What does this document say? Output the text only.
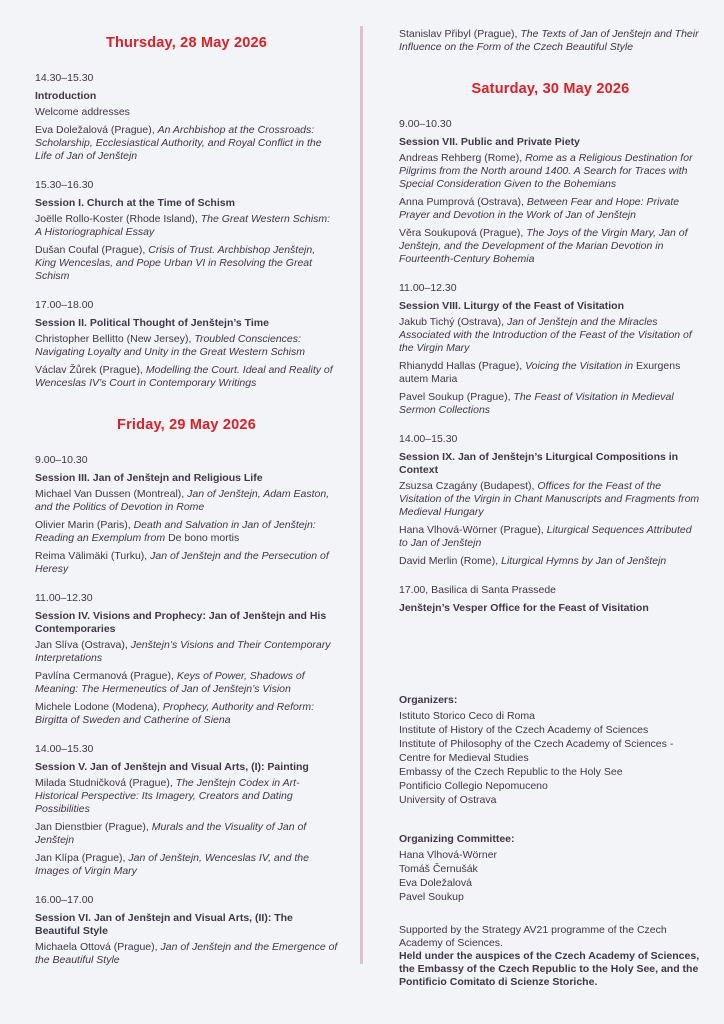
Thursday, 28 May 2026
14.30–15.30
Introduction
Welcome addresses
Eva Doležalová (Prague), An Archbishop at the Crossroads: Scholarship, Ecclesiastical Authority, and Royal Conflict in the Life of Jan of Jenštejn
15.30–16.30
Session I. Church at the Time of Schism
Joëlle Rollo-Koster (Rhode Island), The Great Western Schism: A Historiographical Essay
Dušan Coufal (Prague), Crisis of Trust. Archbishop Jenštejn, King Wenceslas, and Pope Urban VI in Resolving the Great Schism
17.00–18.00
Session II. Political Thought of Jenštejn’s Time
Christopher Bellitto (New Jersey), Troubled Consciences: Navigating Loyalty and Unity in the Great Western Schism
Václav Žůrek (Prague), Modelling the Court. Ideal and Reality of Wenceslas IV’s Court in Contemporary Writings
Friday, 29 May 2026
9.00–10.30
Session III. Jan of Jenštejn and Religious Life
Michael Van Dussen (Montreal), Jan of Jenštejn, Adam Easton, and the Politics of Devotion in Rome
Olivier Marin (Paris), Death and Salvation in Jan of Jenštejn: Reading an Exemplum from De bono mortis
Reima Välimäki (Turku), Jan of Jenštejn and the Persecution of Heresy
11.00–12.30
Session IV. Visions and Prophecy: Jan of Jenštejn and His Contemporaries
Jan Slíva (Ostrava), Jenštejn’s Visions and Their Contemporary Interpretations
Pavlína Cermanová (Prague), Keys of Power, Shadows of Meaning: The Hermeneutics of Jan of Jenštejn’s Vision
Michele Lodone (Modena), Prophecy, Authority and Reform: Birgitta of Sweden and Catherine of Siena
14.00–15.30
Session V. Jan of Jenštejn and Visual Arts, (I): Painting
Milada Studničková (Prague), The Jenštejn Codex in Art-Historical Perspective: Its Imagery, Creators and Dating Possibilities
Jan Dienstbier (Prague), Murals and the Visuality of Jan of Jenštejn
Jan Klípa (Prague), Jan of Jenštejn, Wenceslas IV, and the Images of Virgin Mary
16.00–17.00
Session VI. Jan of Jenštejn and Visual Arts, (II): The Beautiful Style
Michaela Ottová (Prague), Jan of Jenštejn and the Emergence of the Beautiful Style
Stanislav Přibyl (Prague), The Texts of Jan of Jenštejn and Their Influence on the Form of the Czech Beautiful Style
Saturday, 30 May 2026
9.00–10.30
Session VII. Public and Private Piety
Andreas Rehberg (Rome), Rome as a Religious Destination for Pilgrims from the North around 1400. A Search for Traces with Special Consideration Given to the Bohemians
Anna Pumprová (Ostrava), Between Fear and Hope: Private Prayer and Devotion in the Work of Jan of Jenštejn
Věra Soukupová (Prague), The Joys of the Virgin Mary, Jan of Jenštejn, and the Development of the Marian Devotion in Fourteenth-Century Bohemia
11.00–12.30
Session VIII. Liturgy of the Feast of Visitation
Jakub Tichý (Ostrava), Jan of Jenštejn and the Miracles Associated with the Introduction of the Feast of the Visitation of the Virgin Mary
Rhianydd Hallas (Prague), Voicing the Visitation in Exurgens autem Maria
Pavel Soukup (Prague), The Feast of Visitation in Medieval Sermon Collections
14.00–15.30
Session IX. Jan of Jenštejn’s Liturgical Compositions in Context
Zsuzsa Czagány (Budapest), Offices for the Feast of the Visitation of the Virgin in Chant Manuscripts and Fragments from Medieval Hungary
Hana Vlhová-Wörner (Prague), Liturgical Sequences Attributed to Jan of Jenštejn
David Merlin (Rome), Liturgical Hymns by Jan of Jenštejn
17.00, Basilica di Santa Prassede
Jenštejn’s Vesper Office for the Feast of Visitation
Organizers:
Istituto Storico Ceco di Roma
Institute of History of the Czech Academy of Sciences
Institute of Philosophy of the Czech Academy of Sciences - Centre for Medieval Studies
Embassy of the Czech Republic to the Holy See
Pontificio Collegio Nepomuceno
University of Ostrava
Organizing Committee:
Hana Vlhová-Wörner
Tomáš Černušák
Eva Doležalová
Pavel Soukup
Supported by the Strategy AV21 programme of the Czech Academy of Sciences.
Held under the auspices of the Czech Academy of Sciences, the Embassy of the Czech Republic to the Holy See, and the Pontificio Comitato di Scienze Storiche.
